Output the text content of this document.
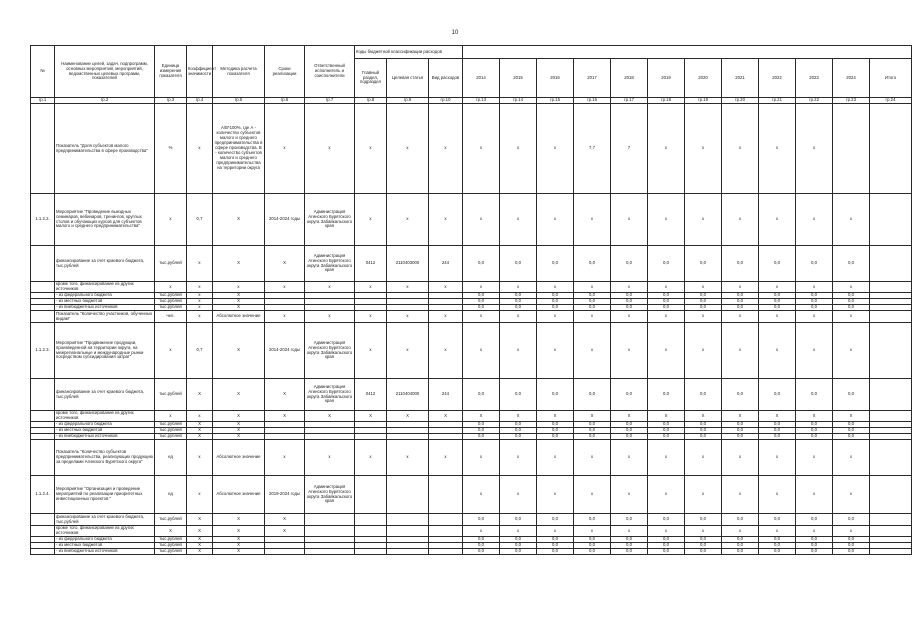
10
№	Наименование целей, задач, подпрограмм, основных мероприятий, мероприятий, ведомственных целевых программ, показателей	Единица измерения показателя	Коэффициент значимости	Методика расчета показателя	Сроки реализации	Ответственный исполнитель и соисполнители	Коды бюджетной классификации расходов														
							Главный раздел, подраздел	Целевая статья	Вид расходов	2014	2015	2016	2017	2018	2019	2020	2021	2022	2023	2024	Итого
гр.1	гр.2	гр.3	гр.4	гр.5	гр.6	гр.7	гр.8	гр.9	гр.10	гр.13	гр.14	гр.15	гр.16	гр.17	гр.18	гр.19	гр.20	гр.21	гр.22	гр.23	гр.24
	Показатель "Доля субъектов малого предпринимательства в сфере производства"	%	х	А/В*100%, где А - количество субъектов малого и среднего предпринимательства в сфере производства, В - количество субъектов малого и среднего предпринимательства на территории округа	х	х	х	х	х	х	х	х	7,7	7	х	х	х	х	х		
1.1.2.2.	Мероприятие "Проведение выездных семинаров, вебинаров, тренингов, круглых столов и обучающих курсов для субъектов малого и среднего предпринимательства"	х	0,7	Х	2014-2024 годы	Администрация Агинского Бурятского округа Забайкальского края	х	х	х	х	х	х	х	х	х	х	х	х	х	х	
	финансирование за счет краевого бюджета, тыс.рублей	тыс.рублей	х	Х	Х	Администрация Агинского Бурятского округа Забайкальского края	0412	2110403000	244	0,0	0,0	0,0	0,0	0,0	0,0	0,0	0,0	0,0	0,0	0,0	
	кроме того, финансирование из других источников	х	х	х	х	х	х	х	х	х	х	х	х	х	х	х	х	х	х	х	
	- из федерального бюджета	тыс.рублей	х	Х						0,0	0,0	0,0	0,0	0,0	0,0	0,0	0,0	0,0	0,0	0,0	
	- из местных бюджетов	тыс.рублей	х	Х						0,0	0,0	0,0	0,0	0,0	0,0	0,0	0,0	0,0	0,0	0,0	
	- из внебюджетных источников	тыс.рублей	х	Х						0,0	0,0	0,0	0,0	0,0	0,0	0,0	0,0	0,0	0,0	0,0	
	Показатель "Количество участников, обученных видам"	чел.	х	Абсолютное значение	х	х	х	х	х	х	х	х	х	х	х	х	х	х	х	х	
1.1.2.3.	Мероприятие "Продвижение продукции, произведенной на территории округа, на межрегиональные и международные рынки посредством субсидирования затрат"	х	0,7	Х	2014-2024 годы	Администрация Агинского Бурятского округа Забайкальского края	х	х	х	х	х	х	х	х	х	х	х	х	х	х	
	финансирование за счет краевого бюджета, тыс.рублей	тыс.рублей	Х	Х	Х	Администрация Агинского Бурятского округа Забайкальского края	0412	2110404000	244	0,0	0,0	0,0	0,0	0,0	0,0	0,0	0,0	0,0	0,0	0,0	
	кроме того, финансирование из других источников	х	х	Х	Х	Х	Х	Х	Х	Х	Х	Х	Х	Х	Х	Х	Х	Х	Х	Х	
	- из федерального бюджета	тыс.рублей	Х	Х						0,0	0,0	0,0	0,0	0,0	0,0	0,0	0,0	0,0	0,0	0,0	
	- из местных бюджетов	тыс.рублей	Х	Х						0,0	0,0	0,0	0,0	0,0	0,0	0,0	0,0	0,0	0,0	0,0	
	- из внебюджетных источников	тыс.рублей	Х	Х						0,0	0,0	0,0	0,0	0,0	0,0	0,0	0,0	0,0	0,0	0,0	
	Показатель "Количество субъектов предпринимательства, реализующих продукцию за пределами Агинского Бурятского округа"	ед	х	Абсолютное значение	х	х	х	х	х	х	х	х	х	х	х	х	х	х	х	х	
1.1.2.4.	Мероприятие "Организация и проведение мероприятий по реализации приоритетных инвестиционных проектов "	ед	х	Абсолютное значение	2019-2024 годы	Администрация Агинского Бурятского округа Забайкальского края				х	х	х	х	х	х	х	х	х	х	х	
	финансирование за счет краевого бюджета, тыс.рублей	тыс.рублей	Х	Х	Х					0,0	0,0	0,0	0,0	0,0	0,0	0,0	0,0	0,0	0,0	0,0	
	кроме того, финансирование из других источников	Х	Х	Х	Х					х	х	х	х	х	х	х	х	х	х	х	
	- из федерального бюджета	тыс.рублей	Х	Х						0,0	0,0	0,0	0,0	0,0	0,0	0,0	0,0	0,0	0,0	0,0	
	- из местных бюджетов	тыс.рублей	Х	Х						0,0	0,0	0,0	0,0	0,0	0,0	0,0	0,0	0,0	0,0	0,0	
	- из внебюджетных источников	тыс.рублей	Х	Х						0,0	0,0	0,0	0,0	0,0	0,0	0,0	0,0	0,0	0,0	0,0	
